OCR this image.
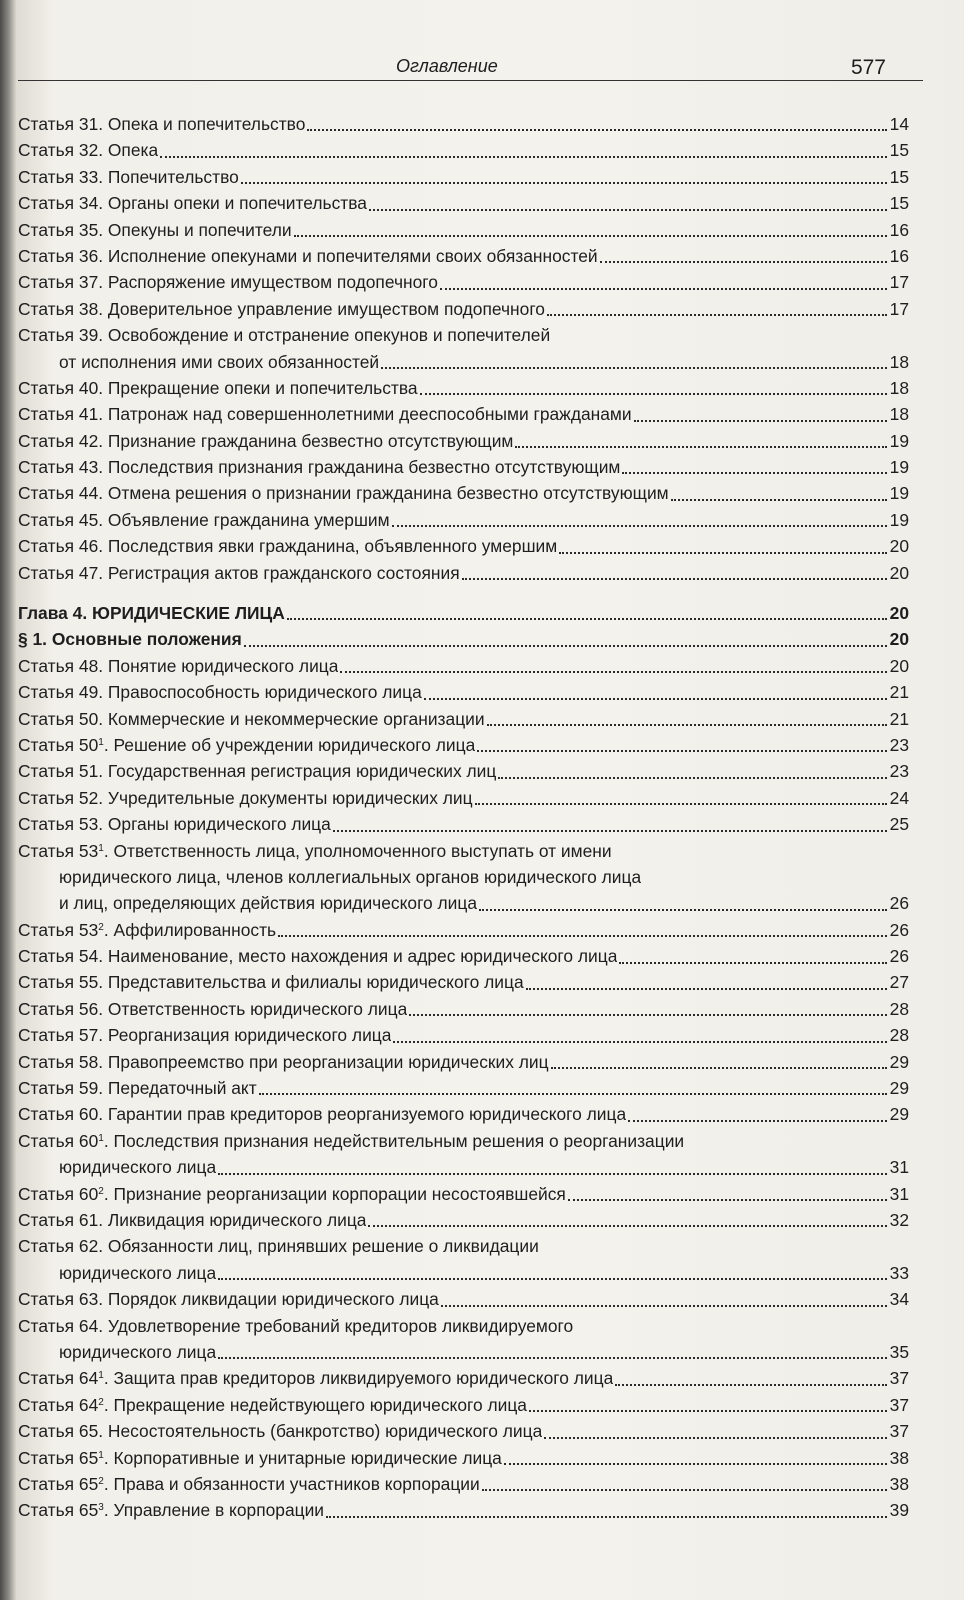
Оглавление	577
Статья 31. Опека и попечительство	14
Статья 32. Опека	15
Статья 33. Попечительство	15
Статья 34. Органы опеки и попечительства	15
Статья 35. Опекуны и попечители	16
Статья 36. Исполнение опекунами и попечителями своих обязанностей	16
Статья 37. Распоряжение имуществом подопечного	17
Статья 38. Доверительное управление имуществом подопечного	17
Статья 39. Освобождение и отстранение опекунов и попечителей
от исполнения ими своих обязанностей	18
Статья 40. Прекращение опеки и попечительства	18
Статья 41. Патронаж над совершеннолетними дееспособными гражданами	18
Статья 42. Признание гражданина безвестно отсутствующим	19
Статья 43. Последствия признания гражданина безвестно отсутствующим	19
Статья 44. Отмена решения о признании гражданина безвестно отсутствующим	19
Статья 45. Объявление гражданина умершим	19
Статья 46. Последствия явки гражданина, объявленного умершим	20
Статья 47. Регистрация актов гражданского состояния	20
Глава 4. ЮРИДИЧЕСКИЕ ЛИЦА	20
§ 1. Основные положения	20
Статья 48. Понятие юридического лица	20
Статья 49. Правоспособность юридического лица	21
Статья 50. Коммерческие и некоммерческие организации	21
Статья $50^1$. Решение об учреждении юридического лица	23
Статья 51. Государственная регистрация юридических лиц	23
Статья 52. Учредительные документы юридических лиц	24
Статья 53. Органы юридического лица	25
Статья $53^1$. Ответственность лица, уполномоченного выступать от имени
юридического лица, членов коллегиальных органов юридического лица
и лиц, определяющих действия юридического лица	26
Статья $53^2$. Аффилированность	26
Статья 54. Наименование, место нахождения и адрес юридического лица	26
Статья 55. Представительства и филиалы юридического лица	27
Статья 56. Ответственность юридического лица	28
Статья 57. Реорганизация юридического лица	28
Статья 58. Правопреемство при реорганизации юридических лиц	29
Статья 59. Передаточный акт	29
Статья 60. Гарантии прав кредиторов реорганизуемого юридического лица	29
Статья $60^1$. Последствия признания недействительным решения о реорганизации
юридического лица	31
Статья $60^2$. Признание реорганизации корпорации несостоявшейся	31
Статья 61. Ликвидация юридического лица	32
Статья 62. Обязанности лиц, принявших решение о ликвидации
юридического лица	33
Статья 63. Порядок ликвидации юридического лица	34
Статья 64. Удовлетворение требований кредиторов ликвидируемого
юридического лица	35
Статья $64^1$. Защита прав кредиторов ликвидируемого юридического лица	37
Статья $64^2$. Прекращение недействующего юридического лица	37
Статья 65. Несостоятельность (банкротство) юридического лица	37
Статья $65^1$. Корпоративные и унитарные юридические лица	38
Статья $65^2$. Права и обязанности участников корпорации	38
Статья $65^3$. Управление в корпорации	39
